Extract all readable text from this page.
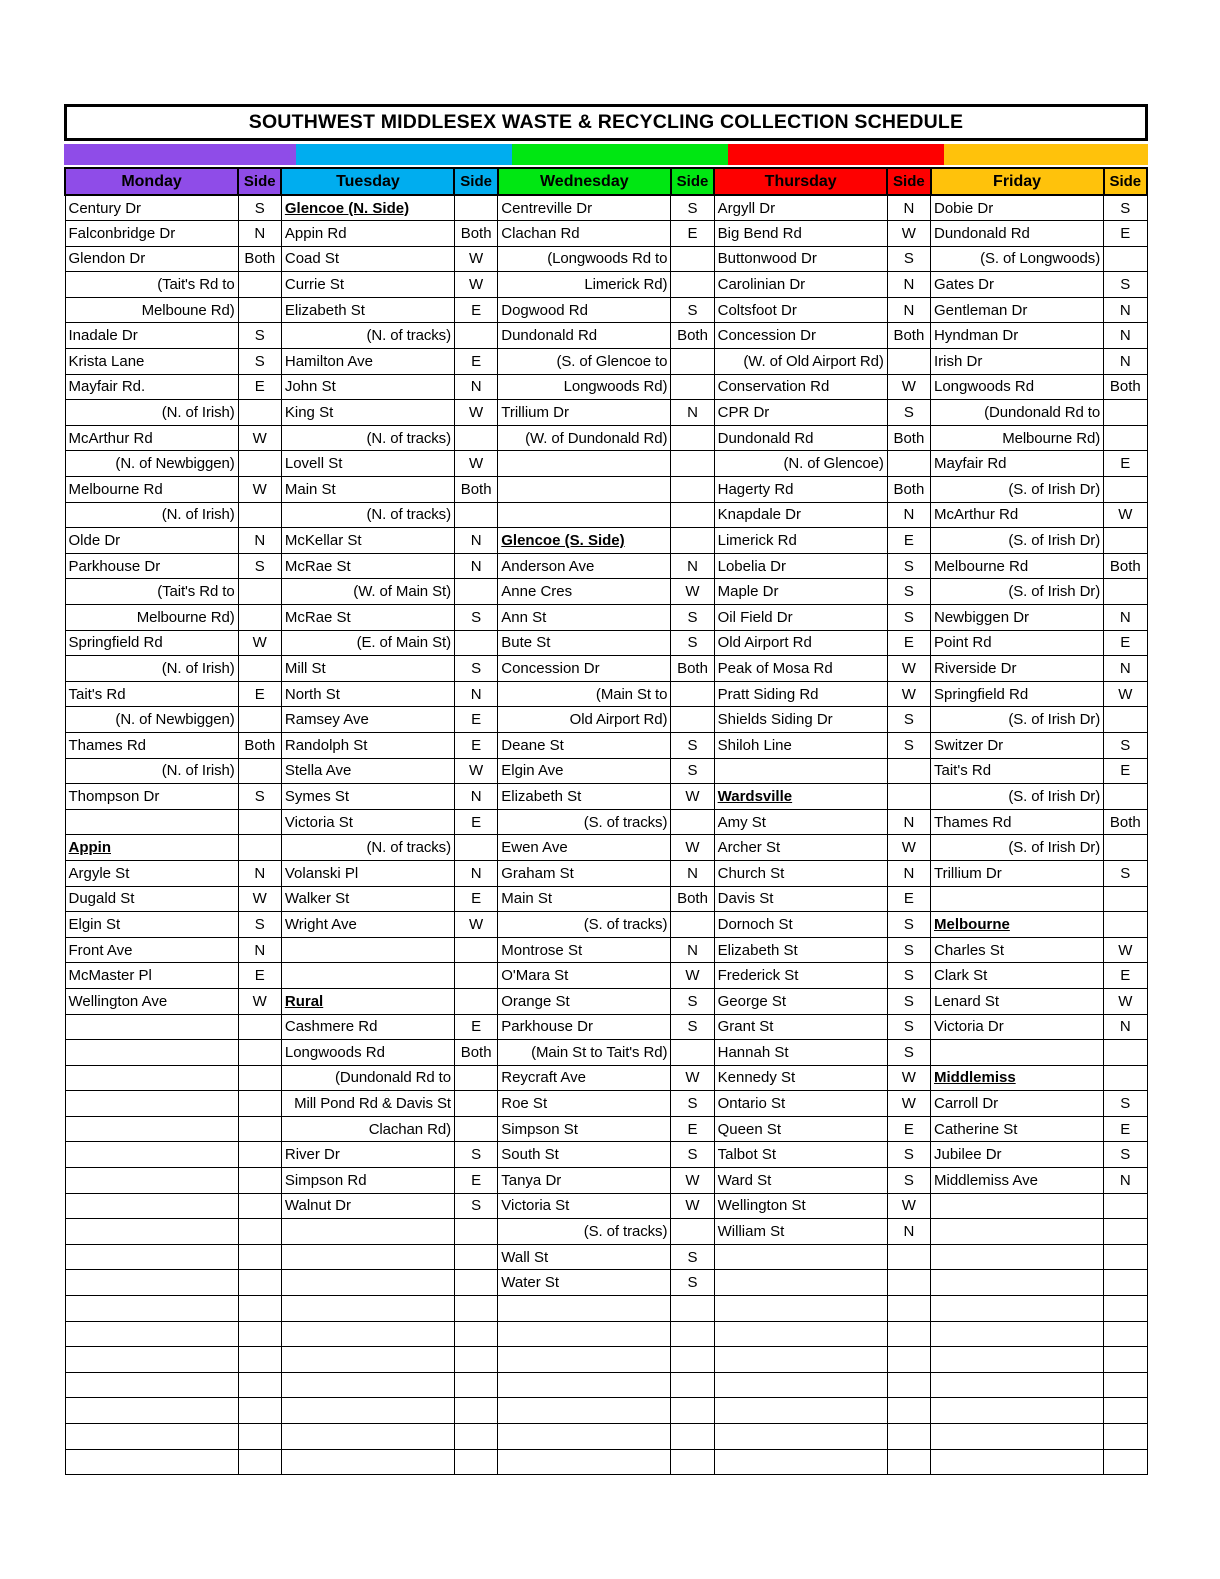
SOUTHWEST MIDDLESEX WASTE & RECYCLING COLLECTION SCHEDULE
Monday	Side	Tuesday	Side	Wednesday	Side	Thursday	Side	Friday	Side
Century Dr	S	Glencoe (N. Side)		Centreville Dr	S	Argyll Dr	N	Dobie Dr	S
Falconbridge Dr	N	Appin Rd	Both	Clachan Rd	E	Big Bend Rd	W	Dundonald Rd	E
Glendon Dr	Both	Coad St	W	(Longwoods Rd to		Buttonwood Dr	S	(S. of Longwoods)	
(Tait's Rd to		Currie St	W	Limerick Rd)		Carolinian Dr	N	Gates Dr	S
Melboune Rd)		Elizabeth St	E	Dogwood Rd	S	Coltsfoot Dr	N	Gentleman Dr	N
Inadale Dr	S	(N. of tracks)		Dundonald Rd	Both	Concession Dr	Both	Hyndman Dr	N
Krista Lane	S	Hamilton Ave	E	(S. of Glencoe to		(W. of Old Airport Rd)		Irish Dr	N
Mayfair Rd.	E	John St	N	Longwoods Rd)		Conservation Rd	W	Longwoods Rd	Both
(N. of Irish)		King St	W	Trillium Dr	N	CPR Dr	S	(Dundonald Rd to	
McArthur Rd	W	(N. of tracks)		(W. of Dundonald Rd)		Dundonald Rd	Both	Melbourne Rd)	
(N. of Newbiggen)		Lovell St	W			(N. of Glencoe)		Mayfair Rd	E
Melbourne Rd	W	Main St	Both			Hagerty Rd	Both	(S. of Irish Dr)	
(N. of Irish)		(N. of tracks)				Knapdale Dr	N	McArthur Rd	W
Olde Dr	N	McKellar St	N	Glencoe (S. Side)		Limerick Rd	E	(S. of Irish Dr)	
Parkhouse Dr	S	McRae St	N	Anderson Ave	N	Lobelia Dr	S	Melbourne Rd	Both
(Tait's Rd to		(W. of Main St)		Anne Cres	W	Maple Dr	S	(S. of Irish Dr)	
Melbourne Rd)		McRae St	S	Ann St	S	Oil Field Dr	S	Newbiggen Dr	N
Springfield Rd	W	(E. of Main St)		Bute St	S	Old Airport Rd	E	Point Rd	E
(N. of Irish)		Mill St	S	Concession Dr	Both	Peak of Mosa Rd	W	Riverside Dr	N
Tait's Rd	E	North St	N	(Main St to		Pratt Siding Rd	W	Springfield Rd	W
(N. of Newbiggen)		Ramsey Ave	E	Old Airport Rd)		Shields Siding Dr	S	(S. of Irish Dr)	
Thames Rd	Both	Randolph St	E	Deane St	S	Shiloh Line	S	Switzer Dr	S
(N. of Irish)		Stella Ave	W	Elgin Ave	S			Tait's Rd	E
Thompson Dr	S	Symes St	N	Elizabeth St	W	Wardsville		(S. of Irish Dr)	
		Victoria St	E	(S. of tracks)		Amy St	N	Thames Rd	Both
Appin		(N. of tracks)		Ewen Ave	W	Archer St	W	(S. of Irish Dr)	
Argyle St	N	Volanski Pl	N	Graham St	N	Church St	N	Trillium Dr	S
Dugald St	W	Walker St	E	Main St	Both	Davis St	E		
Elgin St	S	Wright Ave	W	(S. of tracks)		Dornoch St	S	Melbourne	
Front Ave	N			Montrose St	N	Elizabeth St	S	Charles St	W
McMaster Pl	E			O'Mara St	W	Frederick St	S	Clark St	E
Wellington Ave	W	Rural		Orange St	S	George St	S	Lenard St	W
		Cashmere Rd	E	Parkhouse Dr	S	Grant St	S	Victoria Dr	N
		Longwoods Rd	Both	(Main St to Tait's Rd)		Hannah St	S		
		(Dundonald Rd to		Reycraft Ave	W	Kennedy St	W	Middlemiss	
		Mill Pond Rd & Davis St		Roe St	S	Ontario St	W	Carroll Dr	S
		Clachan Rd)		Simpson St	E	Queen St	E	Catherine St	E
		River Dr	S	South St	S	Talbot St	S	Jubilee Dr	S
		Simpson Rd	E	Tanya Dr	W	Ward St	S	Middlemiss Ave	N
		Walnut Dr	S	Victoria St	W	Wellington St	W		
				(S. of tracks)		William St	N		
				Wall St	S				
				Water St	S				
